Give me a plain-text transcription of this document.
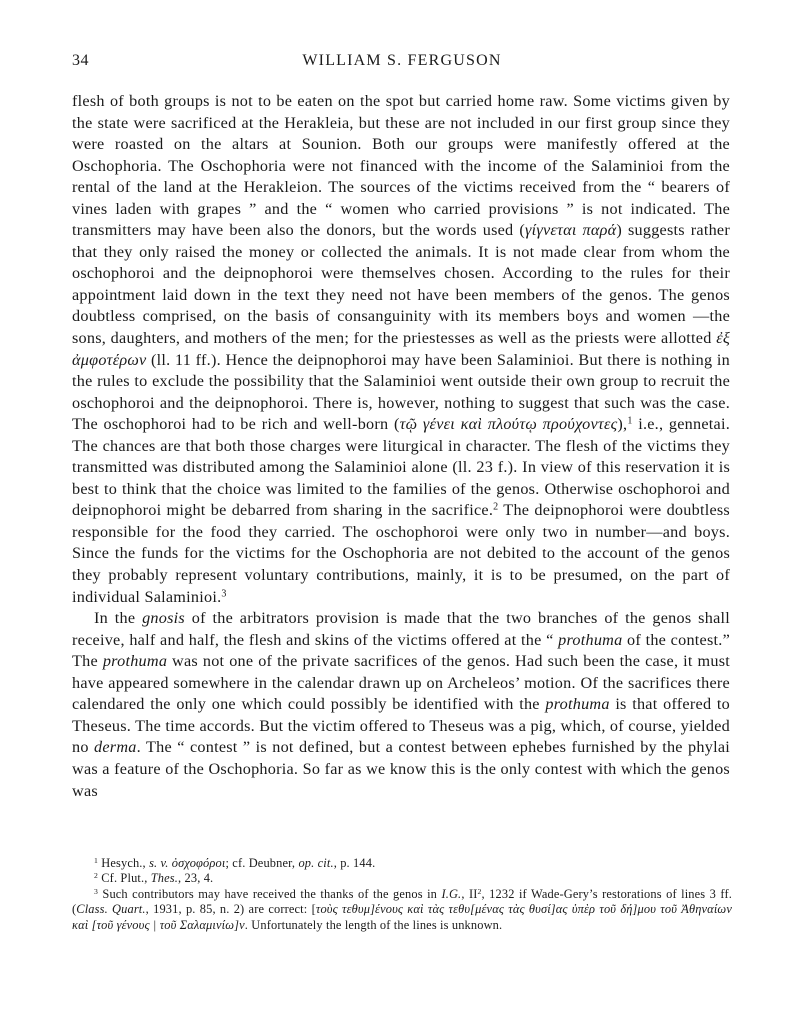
34	WILLIAM S. FERGUSON

flesh of both groups is not to be eaten on the spot but carried home raw. Some victims given by the state were sacrificed at the Herakleia, but these are not included in our first group since they were roasted on the altars at Sounion. Both our groups were manifestly offered at the Oschophoria. The Oschophoria were not financed with the income of the Salaminioi from the rental of the land at the Herakleion. The sources of the victims received from the “ bearers of vines laden with grapes ” and the “ women who carried provisions ” is not indicated. The transmitters may have been also the donors, but the words used (γίγνεται παρά) suggests rather that they only raised the money or collected the animals. It is not made clear from whom the oschophoroi and the deipnophoroi were themselves chosen. According to the rules for their appointment laid down in the text they need not have been members of the genos. The genos doubtless comprised, on the basis of consanguinity with its members boys and women —the sons, daughters, and mothers of the men; for the priestesses as well as the priests were allotted ἐξ ἀμφοτέρων (ll. 11 ff.). Hence the deipnophoroi may have been Salaminioi. But there is nothing in the rules to exclude the possibility that the Salaminioi went outside their own group to recruit the oschophoroi and the deipnophoroi. There is, however, nothing to suggest that such was the case. The oschophoroi had to be rich and well-born (τῷ γένει καὶ πλούτῳ προύχοντες),$^1$ i.e., gennetai. The chances are that both those charges were liturgical in character. The flesh of the victims they transmitted was distributed among the Salaminioi alone (ll. 23 f.). In view of this reservation it is best to think that the choice was limited to the families of the genos. Otherwise oschophoroi and deipnophoroi might be debarred from sharing in the sacrifice.$^2$ The deipnophoroi were doubtless responsible for the food they carried. The oschophoroi were only two in number—and boys. Since the funds for the victims for the Oschophoria are not debited to the account of the genos they probably represent voluntary contributions, mainly, it is to be presumed, on the part of individual Salaminioi.$^3$

In the gnosis of the arbitrators provision is made that the two branches of the genos shall receive, half and half, the flesh and skins of the victims offered at the “ prothuma of the contest.” The prothuma was not one of the private sacrifices of the genos. Had such been the case, it must have appeared somewhere in the calendar drawn up on Archeleos’ motion. Of the sacrifices there calendared the only one which could possibly be identified with the prothuma is that offered to Theseus. The time accords. But the victim offered to Theseus was a pig, which, of course, yielded no derma. The “ contest ” is not defined, but a contest between ephebes furnished by the phylai was a feature of the Oschophoria. So far as we know this is the only contest with which the genos was

$^1$ Hesych., s. v. ὀσχοφόροι; cf. Deubner, op. cit., p. 144.

$^2$ Cf. Plut., Thes., 23, 4.

$^3$ Such contributors may have received the thanks of the genos in I.G., $II^2$, 1232 if Wade-Gery’s restorations of lines 3 ff. (Class. Quart., 1931, p. 85, n. 2) are correct: [τοὺς τεθυμ]ένους καὶ τὰς τεθυ[μένας τὰς θυσί]ας ὑπὲρ τοῦ δή]μου τοῦ Ἀθηναίων καὶ [τοῦ γένους | τοῦ Σαλαμινίω]ν. Unfortunately the length of the lines is unknown.
